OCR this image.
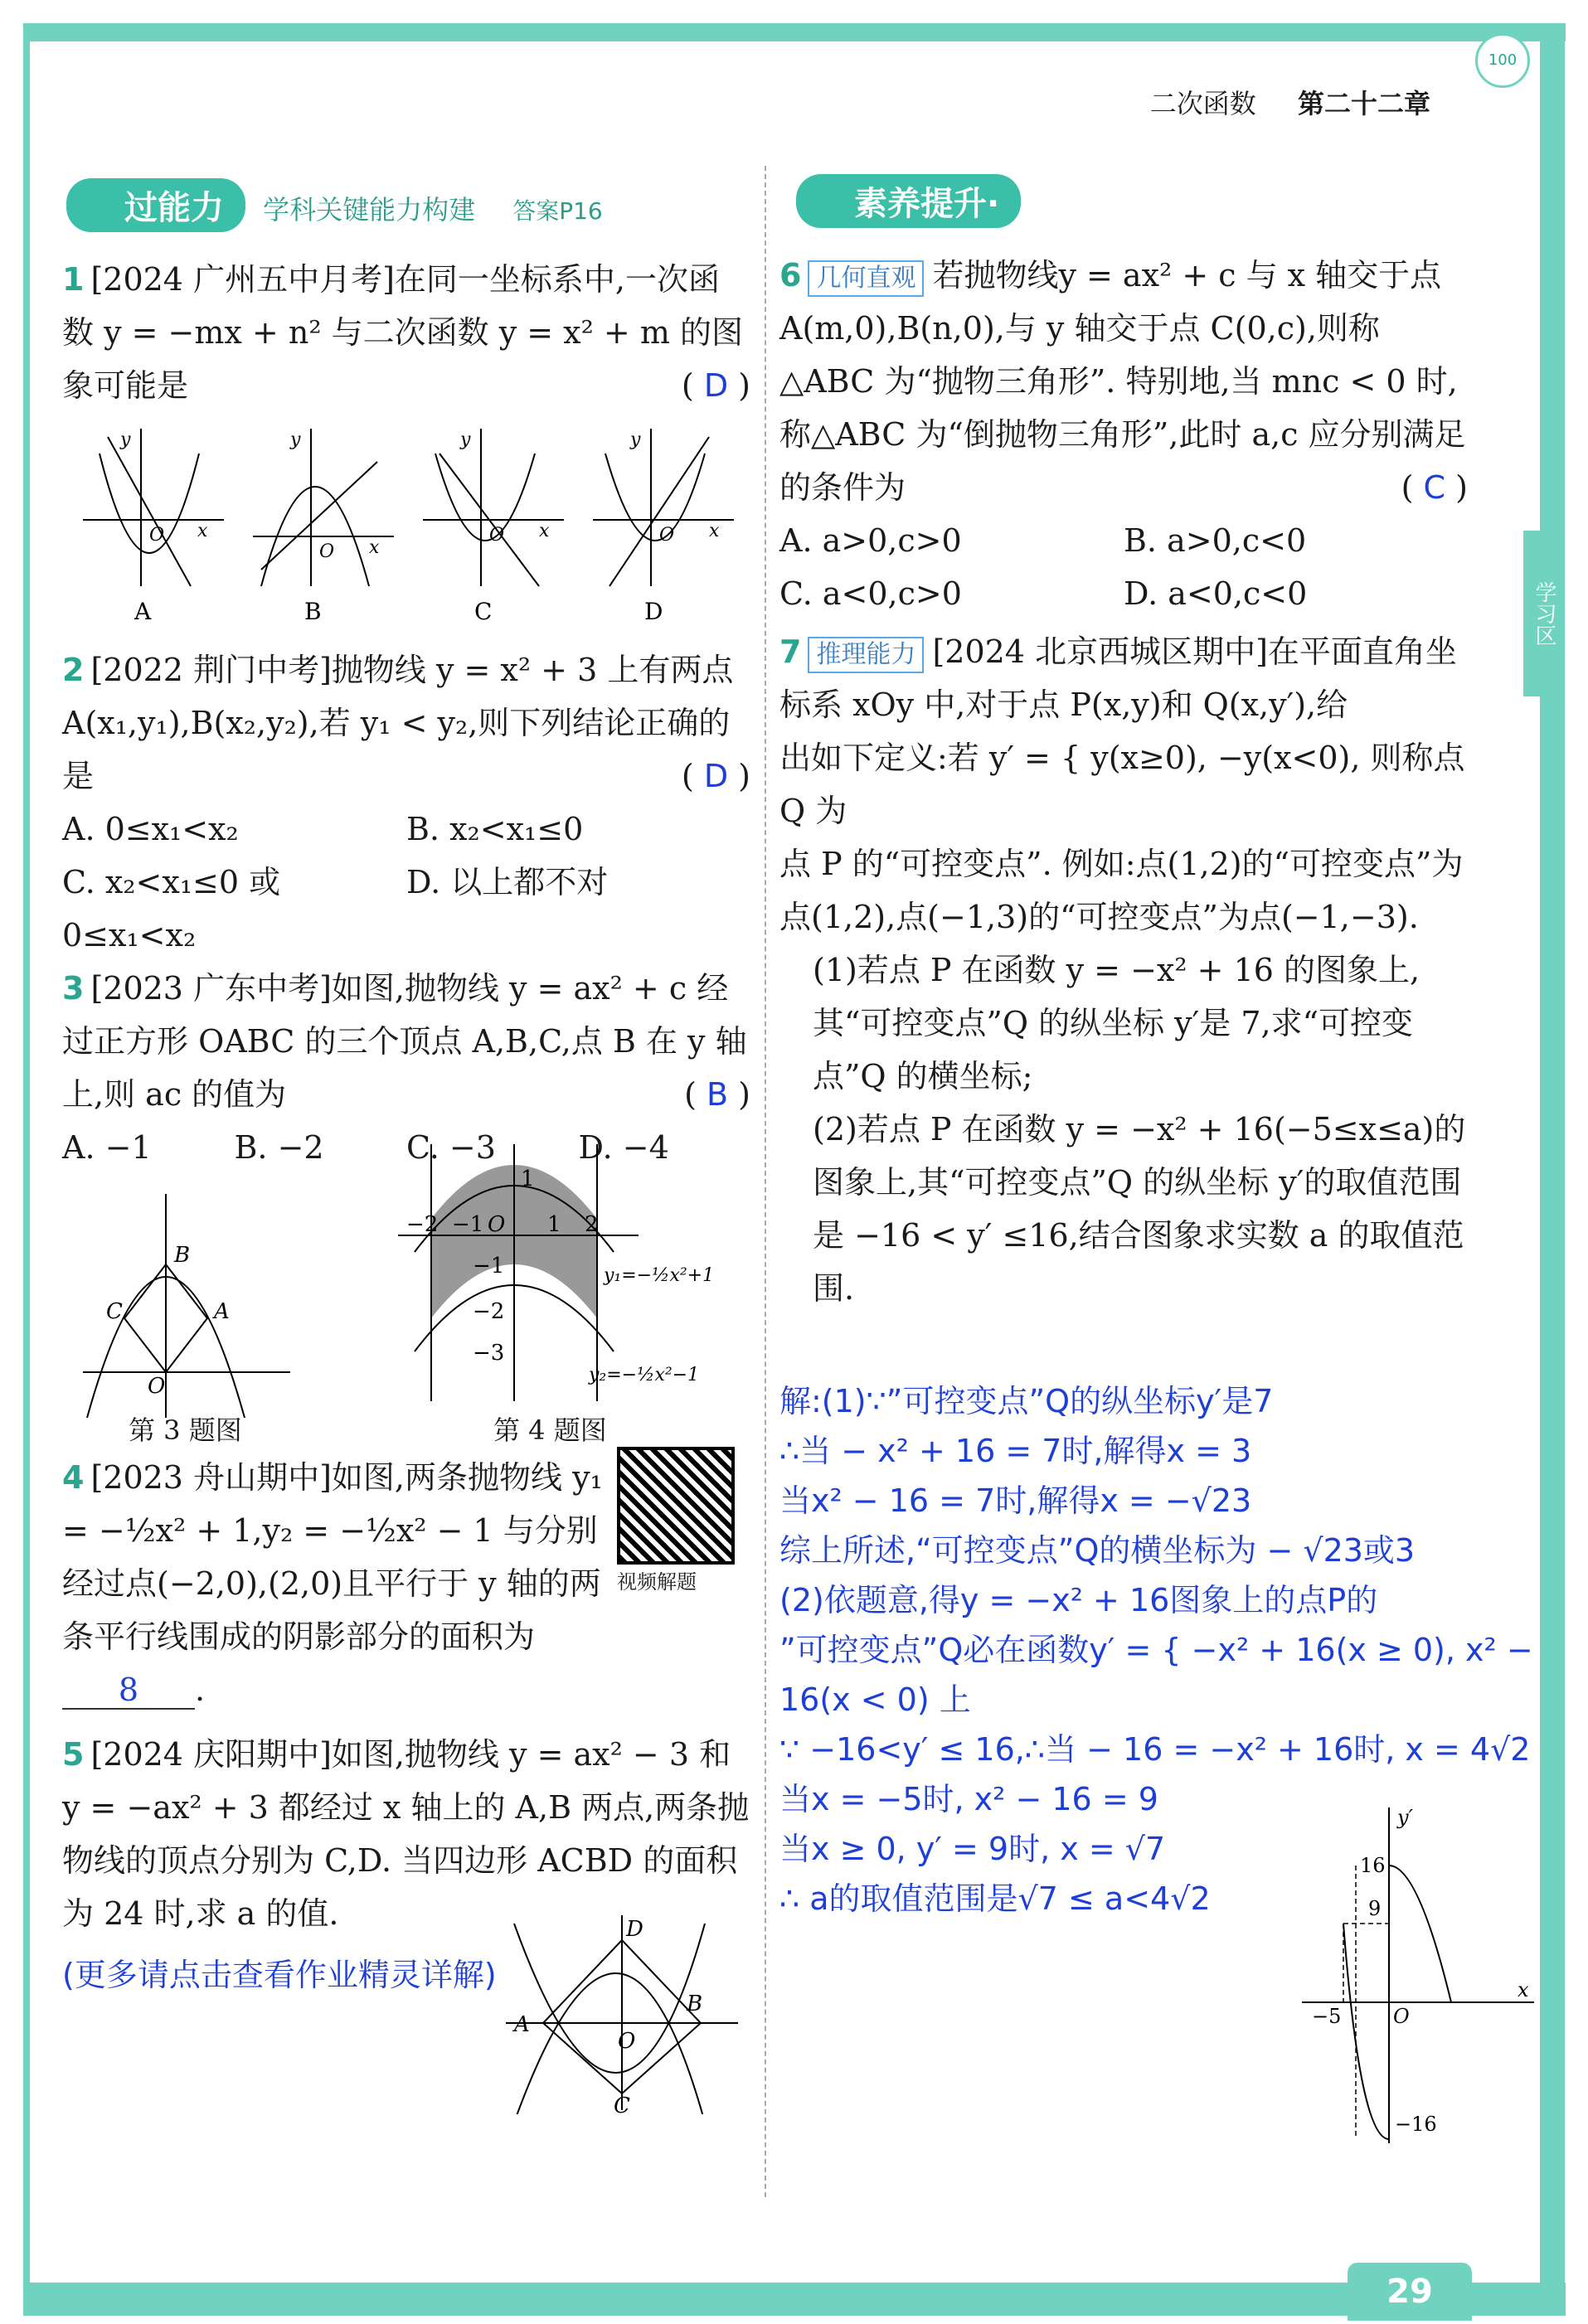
100
学习区
29
二次函数 第二十二章
过能力 学科关键能力构建 答案P16	素养提升·
1 [2024 广州五中月考]在同一坐标系中,一次函数 y = −mx + n² 与二次函数 y = x² + m 的图象可能是	( D )
x
y
O
A
x
y
O
B
x
y
O
C
x
y
O
D
2 [2022 荆门中考]抛物线 y = x² + 3 上有两点 A(x₁,y₁),B(x₂,y₂),若 y₁ < y₂,则下列结论正确的是	( D )
A. 0≤x₁<x₂	B. x₂<x₁≤0
C. x₂<x₁≤0 或 0≤x₁<x₂
D. 以上都不对
3 [2023 广东中考]如图,抛物线 y = ax² + c 经过正方形 OABC 的三个顶点 A,B,C,点 B 在 y 轴上,则 ac 的值为	( B )
A. −1	B. −2	C. −3	D. −4
B
C	A
O
第 3 题图
−2 −1 O 1 2
1
−1
−2
−3
y₁=−½x²+1
y₂=−½x²−1
第 4 题图
4 [2023 舟山期中]如图,两条抛物线 y₁ = −½x² + 1,y₂ = −½x² − 1 与分别经过点(−2,0),(2,0)且平行于 y 轴的两条平行线围成的阴影部分的面积为 8 .
5 [2024 庆阳期中]如图,抛物线 y = ax² − 3 和 y = −ax² + 3 都经过 x 轴上的 A,B 两点,两条抛物线的顶点分别为 C,D. 当四边形 ACBD 的面积为 24 时,求 a 的值.
(更多请点击查看作业精灵详解)
视频解题
D
A
O
B
C
6 几何直观 若抛物线y = ax² + c 与 x 轴交于点 A(m,0),B(n,0),与 y 轴交于点 C(0,c),则称△ABC 为“抛物三角形”. 特别地,当 mnc < 0 时,称△ABC 为“倒抛物三角形”,此时 a,c 应分别满足的条件为	( C )
A. a>0,c>0	B. a>0,c<0
C. a<0,c>0	D. a<0,c<0
7 推理能力 [2024 北京西城区期中]在平面直角坐标系 xOy 中,对于点 P(x,y)和 Q(x,y′),给
出如下定义:若 y′ = { y(x≥0), −y(x<0), 则称点 Q 为
点 P 的“可控变点”. 例如:点(1,2)的“可控变点”为点(1,2),点(−1,3)的“可控变点”为点(−1,−3).
(1)若点 P 在函数 y = −x² + 16 的图象上,其“可控变点”Q 的纵坐标 y′是 7,求“可控变点”Q 的横坐标;
(2)若点 P 在函数 y = −x² + 16(−5≤x≤a)的图象上,其“可控变点”Q 的纵坐标 y′的取值范围是 −16 < y′ ≤16,结合图象求实数 a 的取值范围.
解:(1)∵”可控变点”Q的纵坐标y′是7
∴当 − x² + 16 = 7时,解得x = 3
当x² − 16 = 7时,解得x = −√23
综上所述,“可控变点”Q的横坐标为 − √23或3
(2)依题意,得y = −x² + 16图象上的点P的
”可控变点”Q必在函数y′ = { −x² + 16(x ≥ 0), x² − 16(x < 0) 上
∵ −16<y′ ≤ 16,∴当 − 16 = −x² + 16时, x = 4√2
当x = −5时, x² − 16 = 9
当x ≥ 0, y′ = 9时, x = √7
∴ a的取值范围是√7 ≤ a<4√2
y′
x
16
9
−5	O
−16
